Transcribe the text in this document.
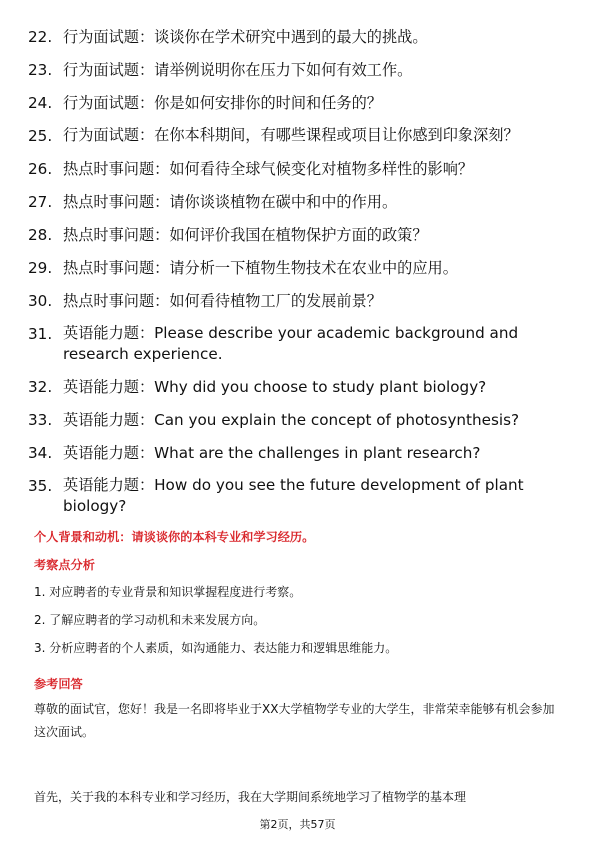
22. 行为面试题：谈谈你在学术研究中遇到的最大的挑战。
23. 行为面试题：请举例说明你在压力下如何有效工作。
24. 行为面试题：你是如何安排你的时间和任务的？
25. 行为面试题：在你本科期间，有哪些课程或项目让你感到印象深刻？
26. 热点时事问题：如何看待全球气候变化对植物多样性的影响？
27. 热点时事问题：请你谈谈植物在碳中和中的作用。
28. 热点时事问题：如何评价我国在植物保护方面的政策？
29. 热点时事问题：请分析一下植物生物技术在农业中的应用。
30. 热点时事问题：如何看待植物工厂的发展前景？
31. 英语能力题：Please describe your academic background and research experience.
32. 英语能力题：Why did you choose to study plant biology?
33. 英语能力题：Can you explain the concept of photosynthesis?
34. 英语能力题：What are the challenges in plant research?
35. 英语能力题：How do you see the future development of plant biology?
个人背景和动机：请谈谈你的本科专业和学习经历。
考察点分析
1. 对应聘者的专业背景和知识掌握程度进行考察。
2. 了解应聘者的学习动机和未来发展方向。
3. 分析应聘者的个人素质，如沟通能力、表达能力和逻辑思维能力。
参考回答
尊敬的面试官，您好！我是一名即将毕业于XX大学植物学专业的大学生，非常荣幸能够有机会参加这次面试。
首先，关于我的本科专业和学习经历，我在大学期间系统地学习了植物学的基本理
第2页，共57页
